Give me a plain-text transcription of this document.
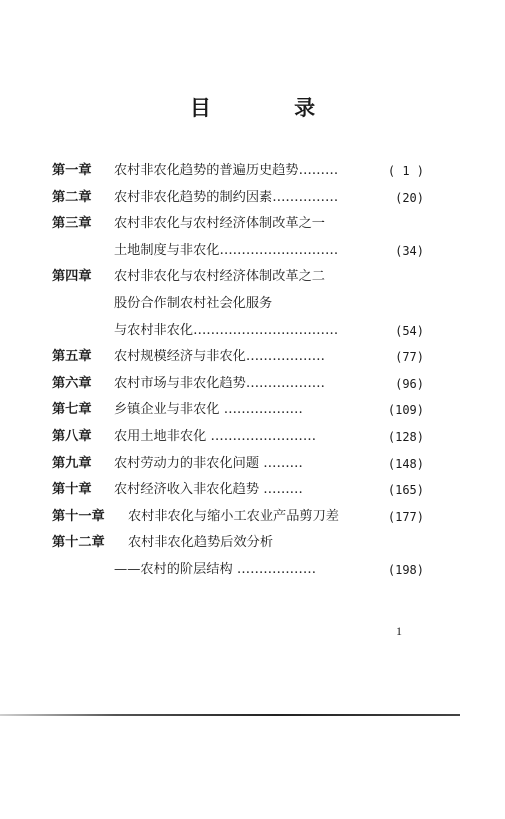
目 录
第一章 农村非农化趋势的普遍历史趋势………	( 1 )
第二章 农村非农化趋势的制约因素……………	(20)
第三章 农村非农化与农村经济体制改革之一
土地制度与非农化………………………	(34)
第四章 农村非农化与农村经济体制改革之二
股份合作制农村社会化服务
与农村非农化……………………………	(54)
第五章 农村规模经济与非农化………………	(77)
第六章 农村市场与非农化趋势………………	(96)
第七章 乡镇企业与非农化 ………………	(109)
第八章 农用土地非农化 ……………………	(128)
第九章 农村劳动力的非农化问题 ………	(148)
第十章 农村经济收入非农化趋势 ………	(165)
第十一章 农村非农化与缩小工农业产品剪刀差	(177)
第十二章 农村非农化趋势后效分析
——农村的阶层结构 ………………	(198)
1
